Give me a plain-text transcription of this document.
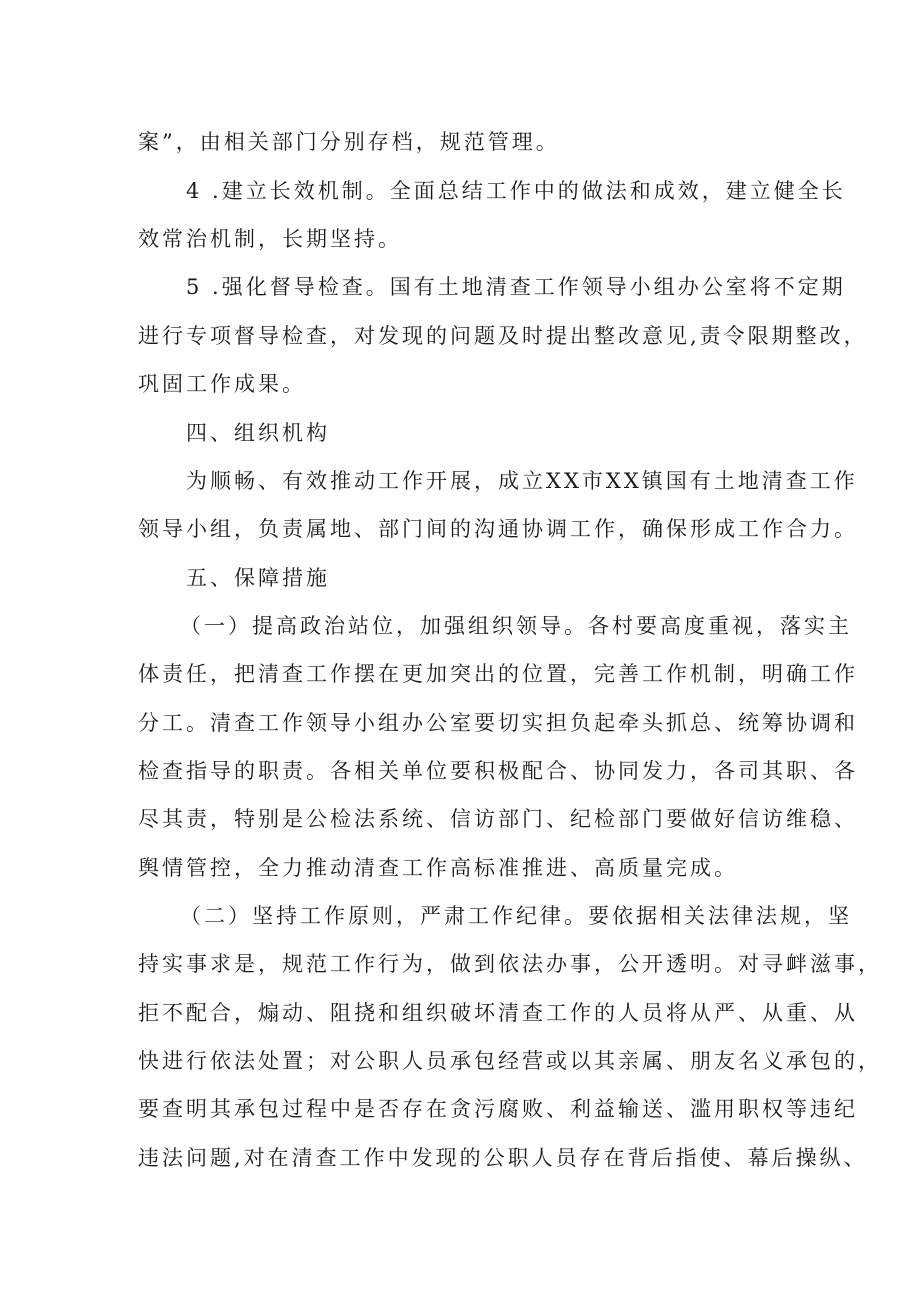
案”，由相关部门分别存档，规范管理。
4 .建立长效机制。全面总结工作中的做法和成效，建立健全长
效常治机制，长期坚持。
5 .强化督导检查。国有土地清查工作领导小组办公室将不定期
进行专项督导检查，对发现的问题及时提出整改意见,责令限期整改，
巩固工作成果。
四、组织机构
为顺畅、有效推动工作开展，成立XX市XX镇国有土地清查工作
领导小组，负责属地、部门间的沟通协调工作，确保形成工作合力。
五、保障措施
（一）提高政治站位，加强组织领导。各村要高度重视，落实主
体责任，把清查工作摆在更加突出的位置，完善工作机制，明确工作
分工。清查工作领导小组办公室要切实担负起牵头抓总、统筹协调和
检查指导的职责。各相关单位要积极配合、协同发力，各司其职、各
尽其责，特别是公检法系统、信访部门、纪检部门要做好信访维稳、
舆情管控，全力推动清查工作高标准推进、高质量完成。
（二）坚持工作原则，严肃工作纪律。要依据相关法律法规，坚
持实事求是，规范工作行为，做到依法办事，公开透明。对寻衅滋事，
拒不配合，煽动、阻挠和组织破坏清查工作的人员将从严、从重、从
快进行依法处置；对公职人员承包经营或以其亲属、朋友名义承包的，
要查明其承包过程中是否存在贪污腐败、利益输送、滥用职权等违纪
违法问题,对在清查工作中发现的公职人员存在背后指使、幕后操纵、
